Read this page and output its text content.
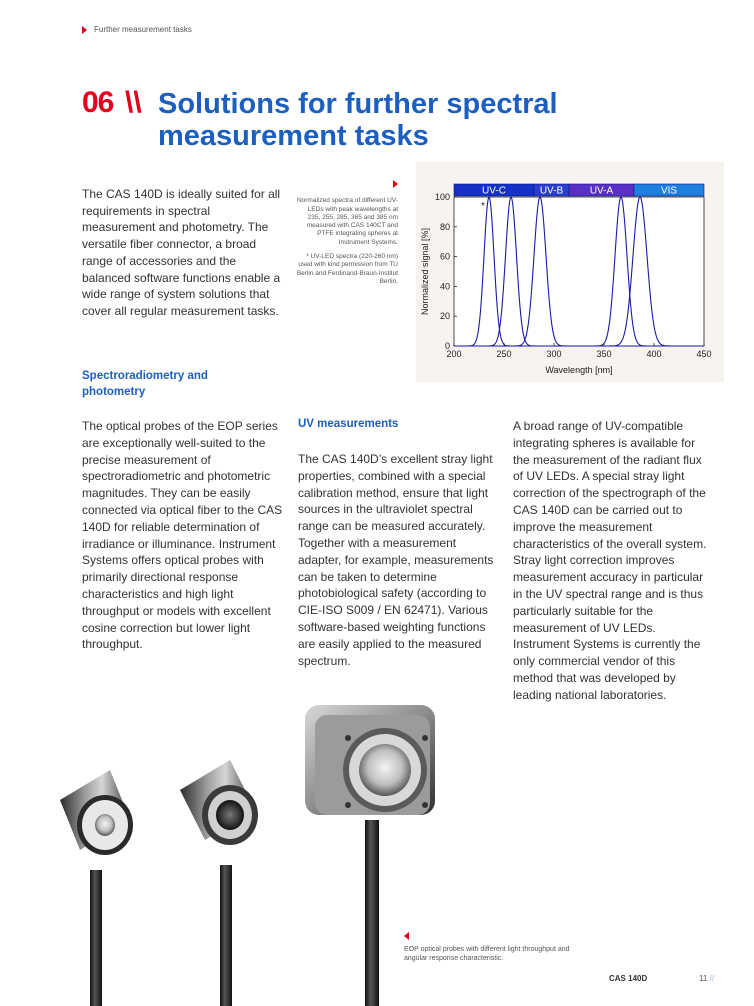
Further measurement tasks
06 \\ Solutions for further spectral measurement tasks

The CAS 140D is ideally suited for all requirements in spectral measurement and photometry. The versatile fiber connector, a broad range of accessories and the balanced software functions enable a wide range of system solutions that cover all regular measurement tasks.

Normalized spectra of different UV-LEDs with peak wavelengths at 235, 255, 285, 365 and 385 nm measured with CAS 140CT and PTFE integrating spheres at Instrument Systems.
* UV-LED spectra (220-260 nm) used with kind permission from TU Berlin and Ferdinand-Braun-Institut Berlin.
UV-C	UV-B	UV-A	VIS
0
20
40
60
80
100
200	250	300	350	400	450
Wavelength [nm]
Normalized signal [%]
*
Spectroradiometry and photometry

The optical probes of the EOP series are exceptionally well-suited to the precise measurement of spectroradiometric and photometric magnitudes. They can be easily connected via optical fiber to the CAS 140D for reliable determination of irradiance or illuminance. Instrument Systems offers optical probes with primarily directional response characteristics and high light throughput or models with excellent cosine correction but lower light throughput.

UV measurements

The CAS 140D’s excellent stray light properties, combined with a special calibration method, ensure that light sources in the ultraviolet spectral range can be measured accurately. Together with a measurement adapter, for example, measurements can be taken to determine photobiological safety (according to CIE-ISO S009 / EN 62471). Various software-based weighting functions are easily applied to the measured spectrum.

A broad range of UV-compatible integrating spheres is available for the measurement of the radiant flux of UV LEDs. A special stray light correction of the spectrograph of the CAS 140D can be carried out to improve the measurement characteristics of the overall system. Stray light correction improves measurement accuracy in particular in the UV spectral range and is thus particularly suitable for the measurement of UV LEDs. Instrument Systems is currently the only commercial vendor of this method that was developed by leading national laboratories.

EOP optical probes with different light throughput and angular response characteristic.
CAS 140D	11 //
